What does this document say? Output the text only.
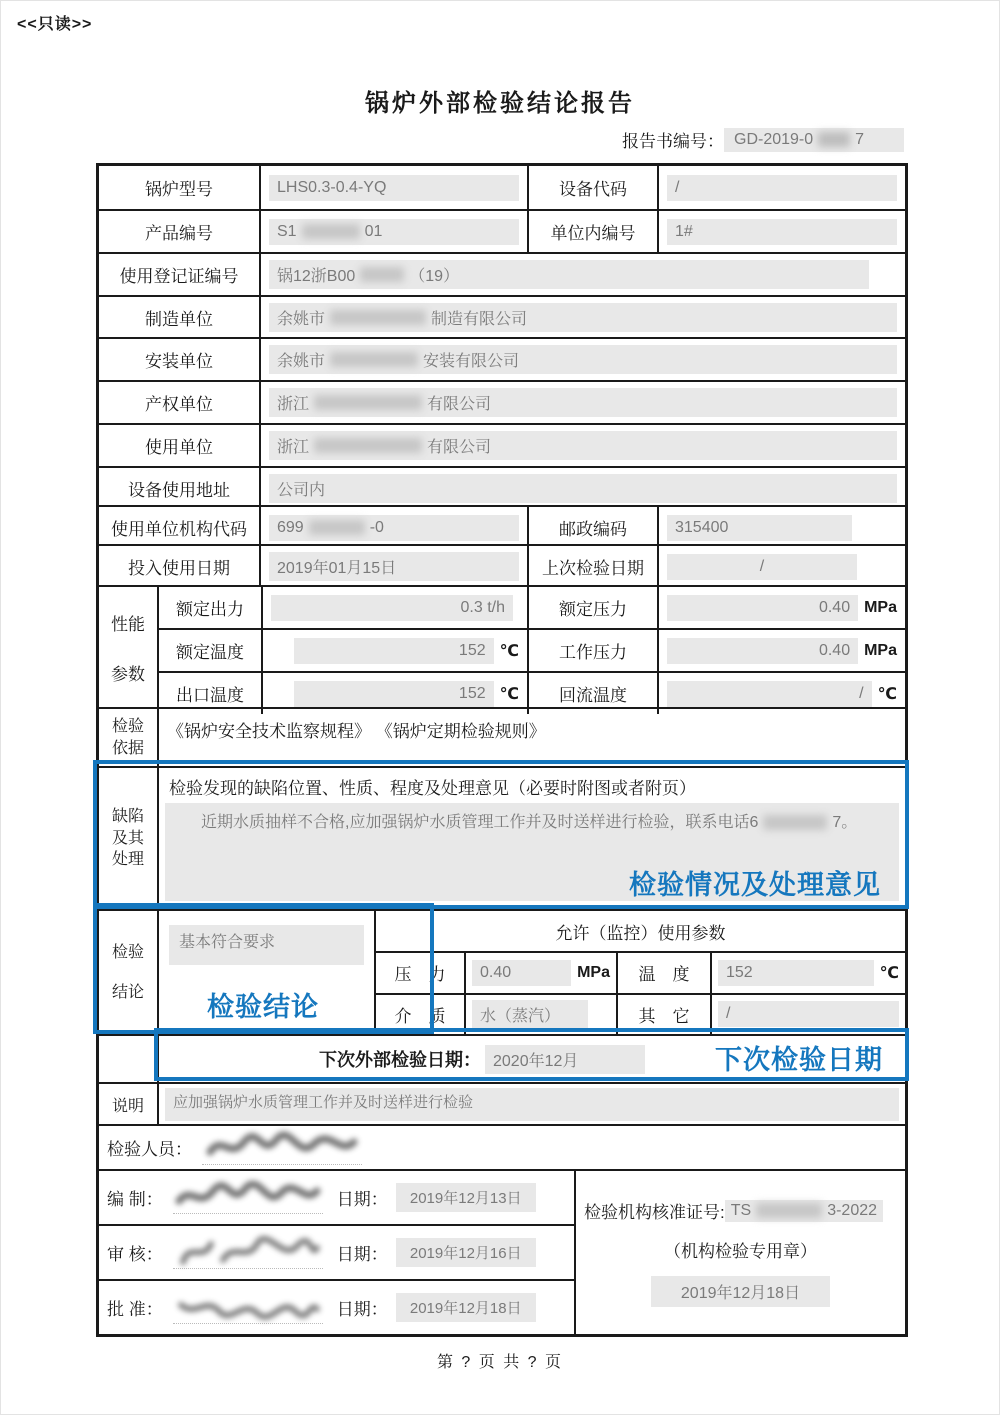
<<只读>>
锅炉外部检验结论报告
报告书编号： GD-2019-0	7
锅炉型号	LHS0.3-0.4-YQ	设备代码	/
产品编号	S1	01	单位内编号	1#
使用登记证编号	锅12浙B00	（19）
制造单位	余姚市	制造有限公司
安装单位	余姚市	安装有限公司
产权单位	浙江	有限公司
使用单位	浙江	有限公司
设备使用地址	公司内
使用单位机构代码	699	-0	邮政编码	315400
投入使用日期	2019年01月15日	上次检验日期	/
性能
参数
额定出力	0.3 t/h	额定压力	0.40 MPa
额定温度	152 ℃	工作压力	0.40 MPa
出口温度	152 ℃	回流温度	/ ℃
检验
依据
《锅炉安全技术监察规程》 《锅炉定期检验规则》
缺陷
及其
处理
检验发现的缺陷位置、性质、程度及处理意见（必要时附图或者附页）
近期水质抽样不合格,应加强锅炉水质管理工作并及时送样进行检验，联系电话6	7。
检验
结论
基本符合要求	允许（监控）使用参数
压　力	0.40	MPa	温　度	152	℃
介　质	水（蒸汽）	其　它	/
下次外部检验日期： 2020年12月
说明	应加强锅炉水质管理工作并及时送样进行检验
检验人员：
编 制：	日期：	2019年12月13日
审 核：	日期：	2019年12月16日
批 准：	日期：	2019年12月18日
检验机构核准证号: TS	3-2022
（机构检验专用章）
2019年12月18日
检验情况及处理意见
检验结论
下次检验日期
第 ? 页 共 ? 页
